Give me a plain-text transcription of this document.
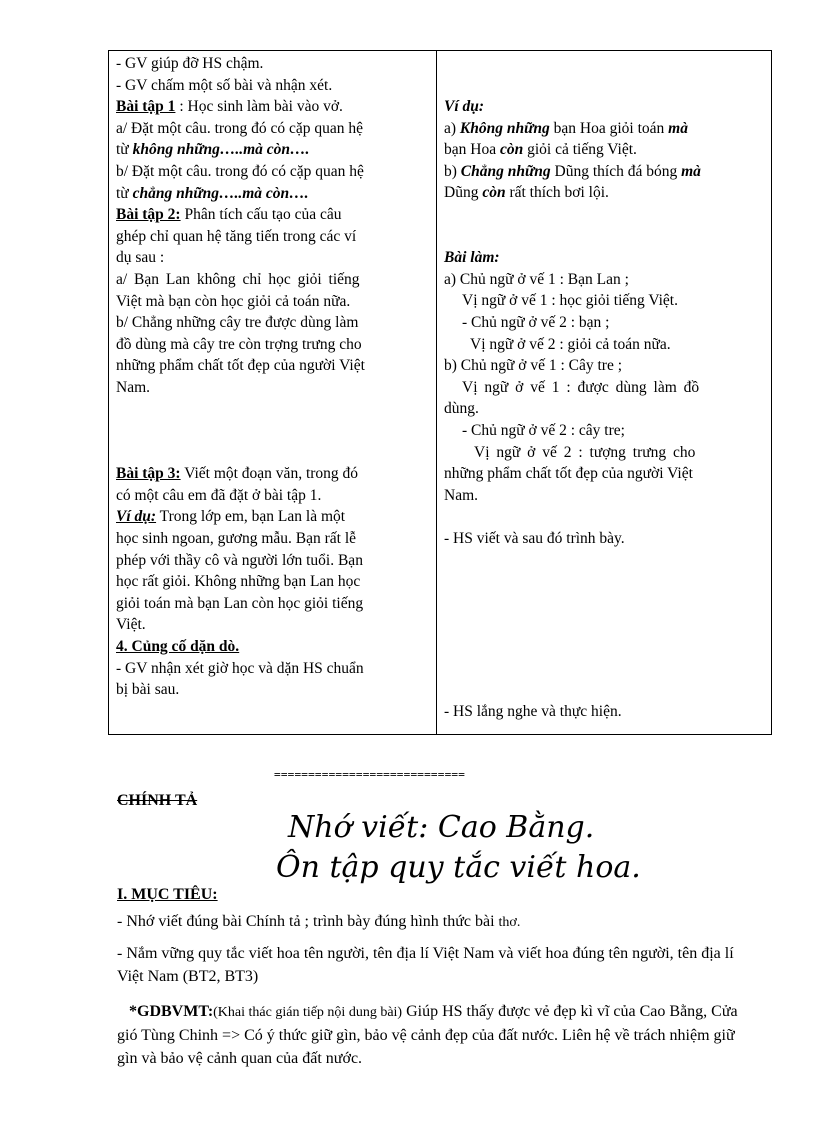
- GV giúp đỡ HS chậm.
- GV chấm một số bài và nhận xét.
Bài tập 1 : Học sinh làm bài vào vở.
a/ Đặt một câu. trong đó có cặp quan hệ
từ không những…..mà còn….
b/ Đặt một câu. trong đó có cặp quan hệ
từ chẳng những…..mà còn….
Bài tập 2: Phân tích cấu tạo của câu
ghép chỉ quan hệ tăng tiến trong các ví
dụ sau :
a/ Bạn Lan không chỉ học giỏi tiếng
Việt mà bạn còn học giỏi cả toán nữa.
b/ Chẳng những cây tre được dùng làm
đồ dùng mà cây tre còn trợng trưng cho
những phẩm chất tốt đẹp của người Việt
Nam.
Bài tập 3: Viết một đoạn văn, trong đó
có một câu em đã đặt ở bài tập 1.
Ví dụ: Trong lớp em, bạn Lan là một
học sinh ngoan, gương mẫu. Bạn rất lễ
phép với thầy cô và người lớn tuổi. Bạn
học rất giỏi. Không những bạn Lan học
giỏi toán mà bạn Lan còn học giỏi tiếng
Việt.
4. Củng cố dặn dò.
- GV nhận xét giờ học và dặn HS chuẩn
bị bài sau.
Ví dụ:
a) Không những bạn Hoa giỏi toán mà
bạn Hoa còn giỏi cả tiếng Việt.
b) Chẳng những Dũng thích đá bóng mà
Dũng còn rất thích bơi lội.
Bài làm:
a) Chủ ngữ ở vế 1 : Bạn Lan ;
Vị ngữ ở vế 1 : học giỏi tiếng Việt.
- Chủ ngữ ở vế 2 : bạn ;
Vị ngữ ở vế 2 : giỏi cả toán nữa.
b) Chủ ngữ ở vế 1 : Cây tre ;
Vị ngữ ở vế 1 : được dùng làm đồ
dùng.
- Chủ ngữ ở vế 2 : cây tre;
Vị ngữ ở vế 2 : tượng trưng cho
những phẩm chất tốt đẹp của người Việt
Nam.
- HS viết và sau đó trình bày.
- HS lắng nghe và thực hiện.
============================
CHÍNH TẢ
Nhớ viết: Cao Bằng.
Ôn tập quy tắc viết hoa.
I. MỤC TIÊU:
- Nhớ viết đúng bài Chính tả ; trình bày đúng hình thức bài thơ.
- Nắm vững quy tắc viết hoa tên người, tên địa lí Việt Nam và viết hoa đúng tên người, tên địa lí Việt Nam (BT2, BT3)
*GDBVMT:(Khai thác gián tiếp nội dung bài) Giúp HS thấy được vẻ đẹp kì vĩ của Cao Bằng, Cửa gió Tùng Chinh => Có ý thức giữ gìn, bảo vệ cảnh đẹp của đất nước. Liên hệ về trách nhiệm giữ gìn và bảo vệ cảnh quan của đất nước.
